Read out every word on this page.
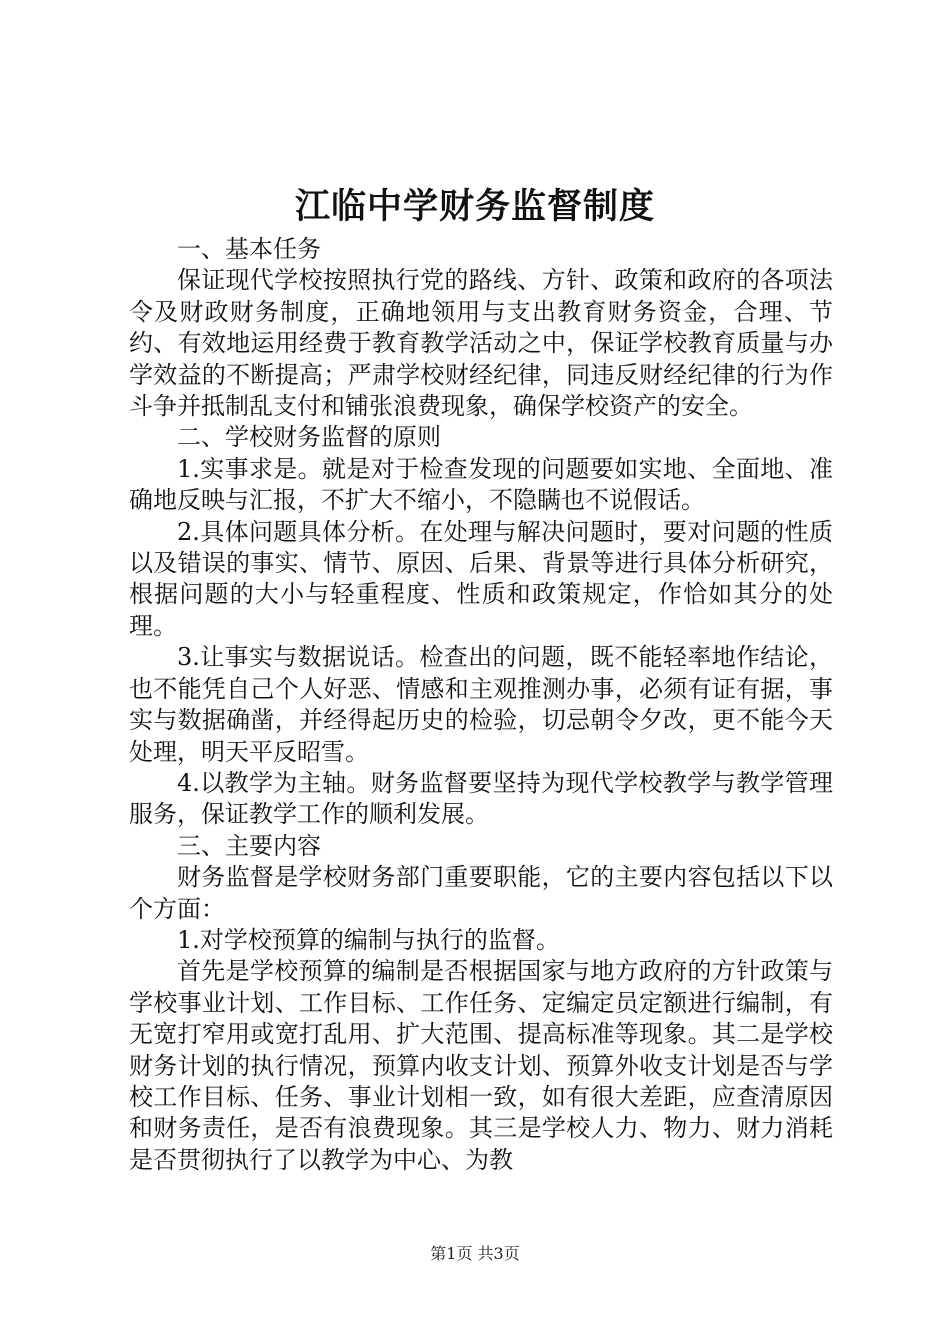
江临中学财务监督制度

一、基本任务

保证现代学校按照执行党的路线、方针、政策和政府的各项法令及财政财务制度，正确地领用与支出教育财务资金，合理、节约、有效地运用经费于教育教学活动之中，保证学校教育质量与办学效益的不断提高；严肃学校财经纪律，同违反财经纪律的行为作斗争并抵制乱支付和铺张浪费现象，确保学校资产的安全。

二、学校财务监督的原则

1.实事求是。就是对于检查发现的问题要如实地、全面地、准确地反映与汇报，不扩大不缩小，不隐瞒也不说假话。

2.具体问题具体分析。在处理与解决问题时，要对问题的性质以及错误的事实、情节、原因、后果、背景等进行具体分析研究，根据问题的大小与轻重程度、性质和政策规定，作恰如其分的处理。

3.让事实与数据说话。检查出的问题，既不能轻率地作结论，也不能凭自己个人好恶、情感和主观推测办事，必须有证有据，事实与数据确凿，并经得起历史的检验，切忌朝令夕改，更不能今天处理，明天平反昭雪。

4.以教学为主轴。财务监督要坚持为现代学校教学与教学管理服务，保证教学工作的顺利发展。

三、主要内容

财务监督是学校财务部门重要职能，它的主要内容包括以下以个方面：

1.对学校预算的编制与执行的监督。

首先是学校预算的编制是否根据国家与地方政府的方针政策与学校事业计划、工作目标、工作任务、定编定员定额进行编制，有无宽打窄用或宽打乱用、扩大范围、提高标准等现象。其二是学校财务计划的执行情况，预算内收支计划、预算外收支计划是否与学校工作目标、任务、事业计划相一致，如有很大差距，应查清原因和财务责任，是否有浪费现象。其三是学校人力、物力、财力消耗是否贯彻执行了以教学为中心、为教

第1页 共3页
